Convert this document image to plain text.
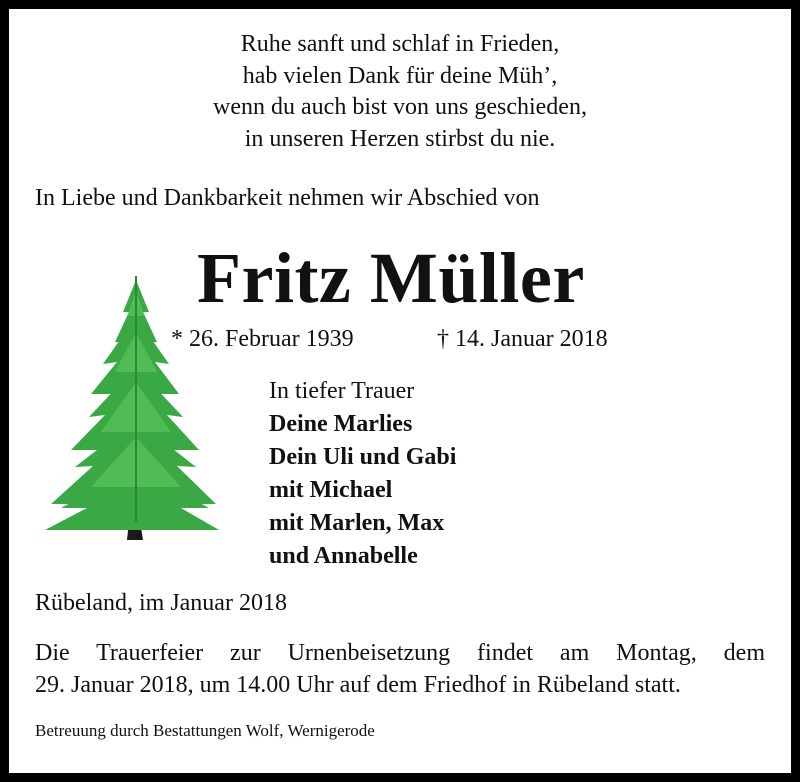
Ruhe sanft und schlaf in Frieden,
hab vielen Dank für deine Müh’,
wenn du auch bist von uns geschieden,
in unseren Herzen stirbst du nie.
In Liebe und Dankbarkeit nehmen wir Abschied von
Fritz Müller
* 26. Februar 1939	† 14. Januar 2018
In tiefer Trauer
Deine Marlies
Dein Uli und Gabi
mit Michael
mit Marlen, Max
und Annabelle
Rübeland, im Januar 2018
Die Trauerfeier zur Urnenbeisetzung findet am Montag, dem
29. Januar 2018, um 14.00 Uhr auf dem Friedhof in Rübeland statt.
Betreuung durch Bestattungen Wolf, Wernigerode
